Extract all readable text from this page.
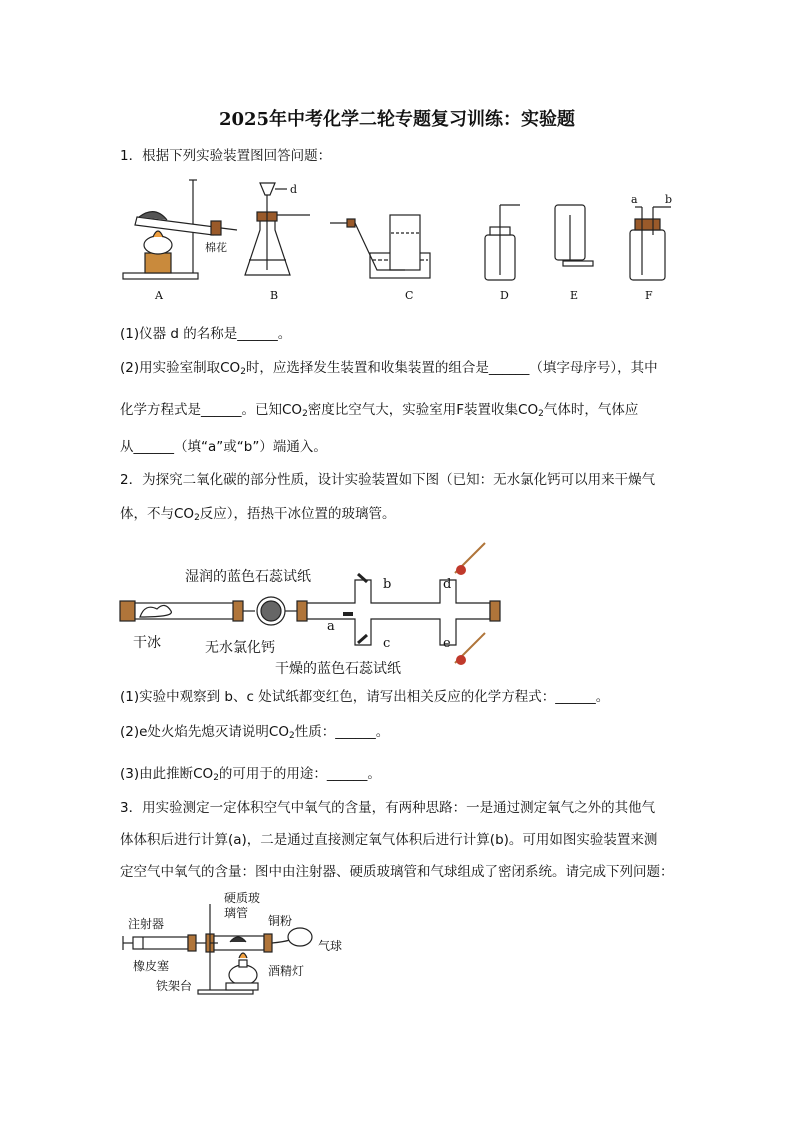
2025年中考化学二轮专题复习训练：实验题
1．根据下列实验装置图回答问题：
A	B	C	D	E	F
棉花
d
a b
(1)仪器 d 的名称是______。
(2)用实验室制取$CO_2$时，应选择发生装置和收集装置的组合是______（填字母序号），其中
化学方程式是______。已知$CO_2$密度比空气大，实验室用F装置收集$CO_2$气体时，气体应
从______（填“a”或“b”）端通入。
2．为探究二氧化碳的部分性质，设计实验装置如下图（已知：无水氯化钙可以用来干燥气
体，不与$CO_2$反应），捂热干冰位置的玻璃管。
湿润的蓝色石蕊试纸
干燥的蓝色石蕊试纸
干冰	无水氯化钙
a
b
c
d
e
(1)实验中观察到 b、c 处试纸都变红色，请写出相关反应的化学方程式：______。
(2)e处火焰先熄灭请说明$CO_2$性质：______。
(3)由此推断$CO_2$的可用于的用途：______。
3．用实验测定一定体积空气中氧气的含量，有两种思路：一是通过测定氧气之外的其他气
体体积后进行计算(a)，二是通过直接测定氧气体积后进行计算(b)。可用如图实验装置来测
定空气中氧气的含量：图中由注射器、硬质玻璃管和气球组成了密闭系统。请完成下列问题：
注射器
硬质玻
璃管
铜粉
气球
橡皮塞	酒精灯
铁架台
